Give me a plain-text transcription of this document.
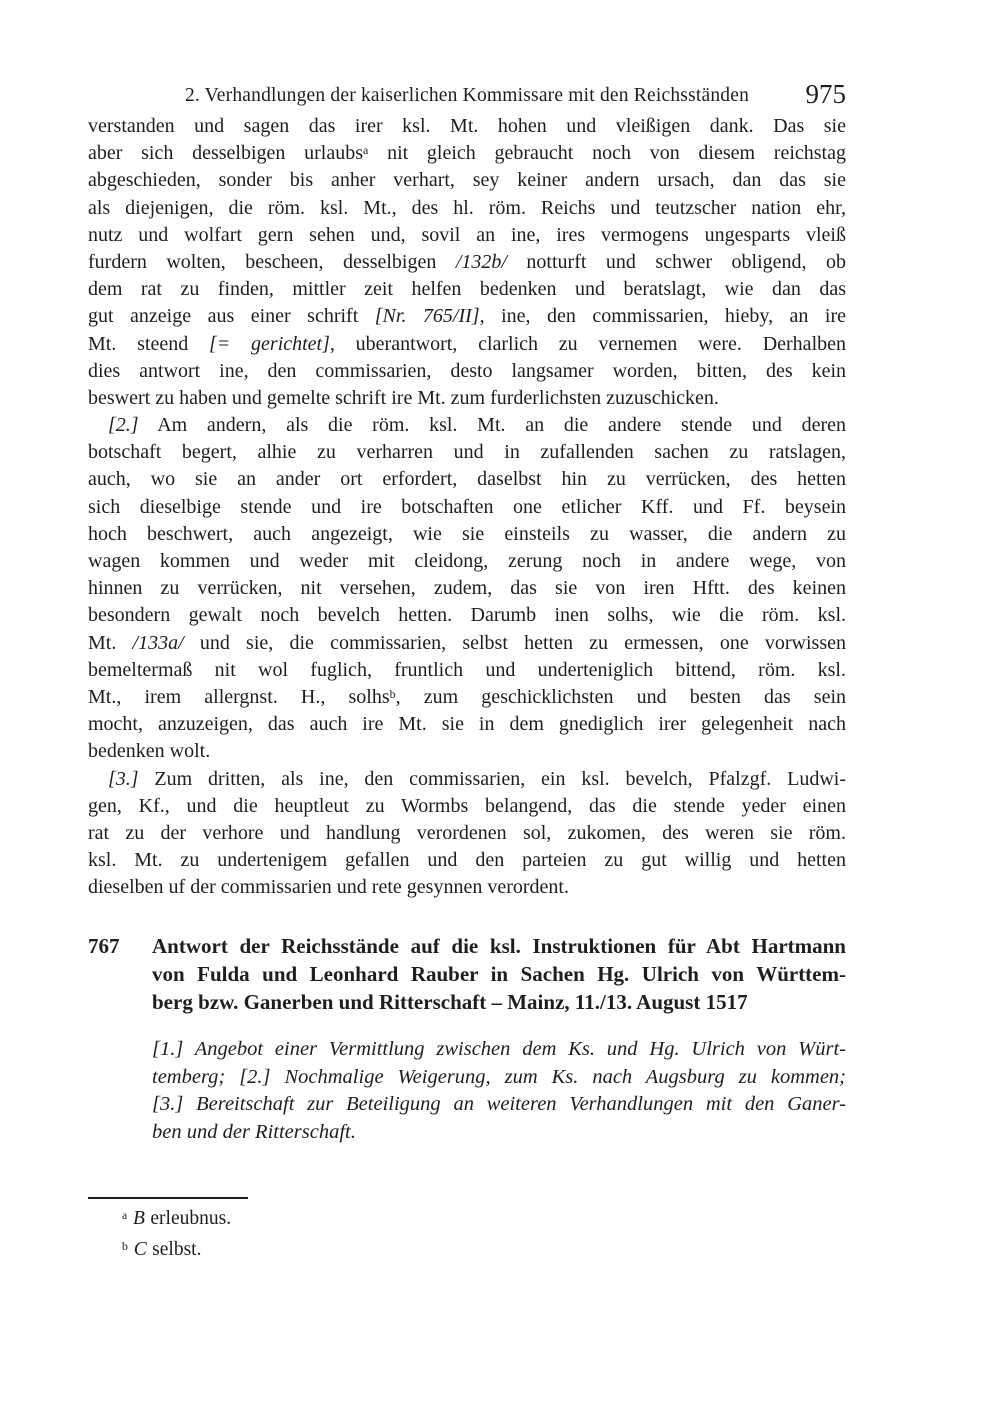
2. Verhandlungen der kaiserlichen Kommissare mit den Reichsständen	975
verstanden und sagen das irer ksl. Mt. hohen und vleißigen dank. Das sie
aber sich desselbigen urlaubs$^a$ nit gleich gebraucht noch von diesem reichstag
abgeschieden, sonder bis anher verhart, sey keiner andern ursach, dan das sie
als diejenigen, die röm. ksl. Mt., des hl. röm. Reichs und teutzscher nation ehr,
nutz und wolfart gern sehen und, sovil an ine, ires vermogens ungesparts vleiß
furdern wolten, bescheen, desselbigen /132b/ notturft und schwer obligend, ob
dem rat zu finden, mittler zeit helfen bedenken und beratslagt, wie dan das
gut anzeige aus einer schrift [Nr. 765/II], ine, den commissarien, hieby, an ire
Mt. steend [= gerichtet], uberantwort, clarlich zu vernemen were. Derhalben
dies antwort ine, den commissarien, desto langsamer worden, bitten, des kein
beswert zu haben und gemelte schrift ire Mt. zum furderlichsten zuzuschicken.
[2.] Am andern, als die röm. ksl. Mt. an die andere stende und deren
botschaft begert, alhie zu verharren und in zufallenden sachen zu ratslagen,
auch, wo sie an ander ort erfordert, daselbst hin zu verrücken, des hetten
sich dieselbige stende und ire botschaften one etlicher Kff. und Ff. beysein
hoch beschwert, auch angezeigt, wie sie einsteils zu wasser, die andern zu
wagen kommen und weder mit cleidong, zerung noch in andere wege, von
hinnen zu verrücken, nit versehen, zudem, das sie von iren Hftt. des keinen
besondern gewalt noch bevelch hetten. Darumb inen solhs, wie die röm. ksl.
Mt. /133a/ und sie, die commissarien, selbst hetten zu ermessen, one vorwissen
bemeltermaß nit wol fuglich, fruntlich und underteniglich bittend, röm. ksl.
Mt., irem allergnst. H., solhs$^b$, zum geschicklichsten und besten das sein
mocht, anzuzeigen, das auch ire Mt. sie in dem gnediglich irer gelegenheit nach
bedenken wolt.
[3.] Zum dritten, als ine, den commissarien, ein ksl. bevelch, Pfalzgf. Ludwi-
gen, Kf., und die heuptleut zu Wormbs belangend, das die stende yeder einen
rat zu der verhore und handlung verordenen sol, zukomen, des weren sie röm.
ksl. Mt. zu undertenigem gefallen und den parteien zu gut willig und hetten
dieselben uf der commissarien und rete gesynnen verordent.
767 Antwort der Reichsstände auf die ksl. Instruktionen für Abt Hartmann
von Fulda und Leonhard Rauber in Sachen Hg. Ulrich von Württem-
berg bzw. Ganerben und Ritterschaft – Mainz, 11./13. August 1517
[1.] Angebot einer Vermittlung zwischen dem Ks. und Hg. Ulrich von Würt-
temberg; [2.] Nochmalige Weigerung, zum Ks. nach Augsburg zu kommen;
[3.] Bereitschaft zur Beteiligung an weiteren Verhandlungen mit den Ganer-
ben und der Ritterschaft.
$^a$ B erleubnus.
$^b$ C selbst.
